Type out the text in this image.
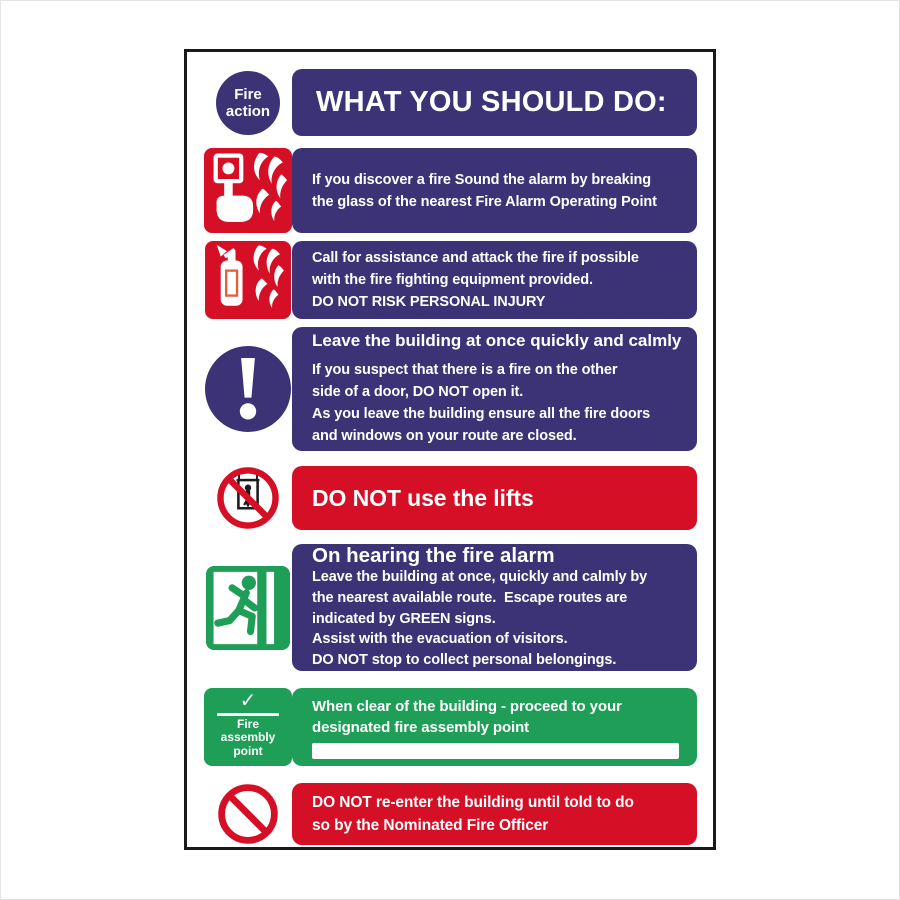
Fire
action WHAT YOU SHOULD DO:
If you discover a fire Sound the alarm by breaking
the glass of the nearest Fire Alarm Operating Point
Call for assistance and attack the fire if possible
with the fire fighting equipment provided.
DO NOT RISK PERSONAL INJURY
Leave the building at once quickly and calmly
If you suspect that there is a fire on the other
side of a door, DO NOT open it.
As you leave the building ensure all the fire doors
and windows on your route are closed.
DO NOT use the lifts
On hearing the fire alarm
Leave the building at once, quickly and calmly by
the nearest available route.  Escape routes are
indicated by GREEN signs.
Assist with the evacuation of visitors.
DO NOT stop to collect personal belongings.
✓
Fire
assembly
point
When clear of the building - proceed to your
designated fire assembly point
DO NOT re-enter the building until told to do
so by the Nominated Fire Officer
